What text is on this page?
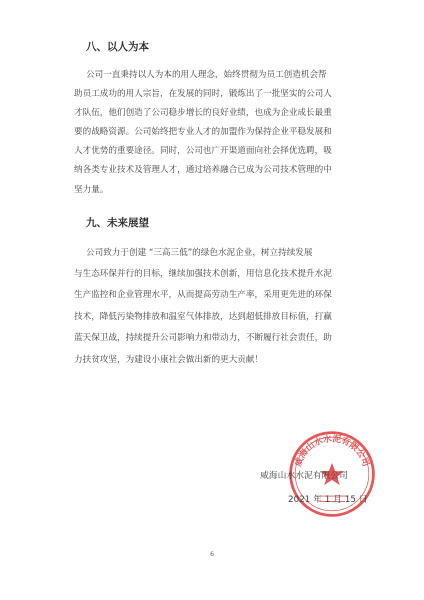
八、以人为本
公司一直秉持以人为本的用人理念，始终贯彻为员工创造机会帮
助员工成功的用人宗旨，在发展的同时，锻炼出了一批坚实的公司人
才队伍，他们创造了公司稳步增长的良好业绩，也成为企业成长最重
要的战略资源。公司始终把专业人才的加盟作为保持企业平稳发展和
人才优势的重要途径。同时，公司也广开渠道面向社会择优选聘，吸
纳各类专业技术及管理人才，通过培养融合已成为公司技术管理的中
坚力量。
九、未来展望
公司致力于创建 “三高三低”的绿色水泥企业，树立持续发展
与生态环保并行的目标，继续加强技术创新，用信息化技术提升水泥
生产监控和企业管理水平，从而提高劳动生产率，采用更先进的环保
技术，降低污染物排放和温室气体排放，达到超低排放目标值，打赢
蓝天保卫战，持续提升公司影响力和带动力，不断履行社会责任，助
力扶贫攻坚，为建设小康社会做出新的更大贡献！
威海山水水泥有限公司
威海山水水泥有限公司
2021 年 1 月 15 日
6
